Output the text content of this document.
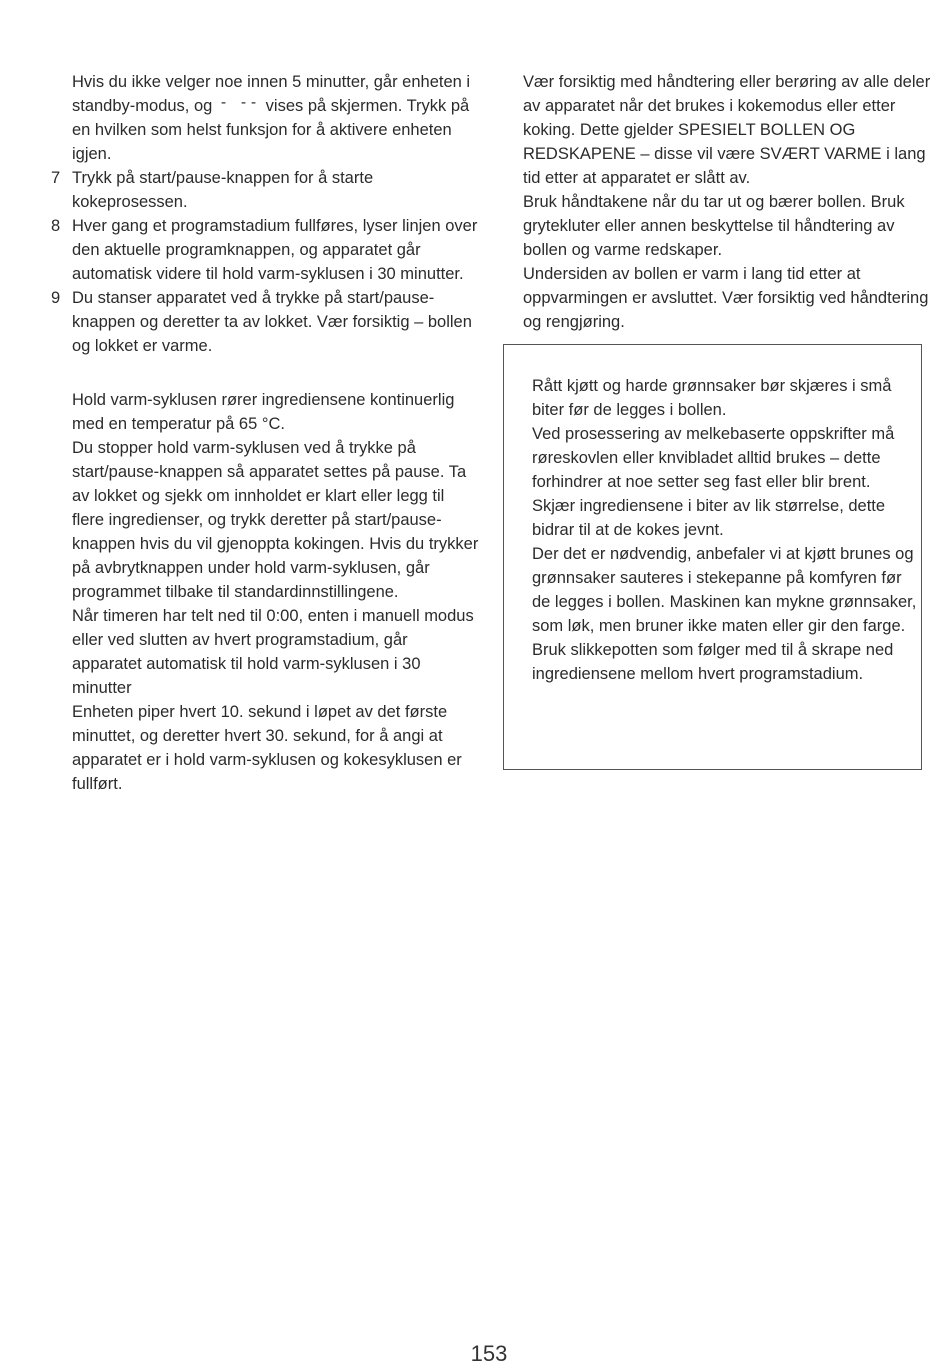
Hvis du ikke velger noe innen 5 minutter, går enheten i standby-modus, og - -- vises på skjermen. Trykk på en hvilken som helst funksjon for å aktivere enheten igjen.

7 Trykk på start/pause-knappen for å starte kokeprosessen.
8 Hver gang et programstadium fullføres, lyser linjen over den aktuelle programknappen, og apparatet går automatisk videre til hold varm-syklusen i 30 minutter.
9 Du stanser apparatet ved å trykke på start/pause-knappen og deretter ta av lokket. Vær forsiktig – bollen og lokket er varme.

Hold varm-syklusen rører ingrediensene kontinuerlig med en temperatur på 65 °C.

Du stopper hold varm-syklusen ved å trykke på start/pause-knappen så apparatet settes på pause. Ta av lokket og sjekk om innholdet er klart eller legg til flere ingredienser, og trykk deretter på start/pause-knappen hvis du vil gjenoppta kokingen. Hvis du trykker på avbrytknappen under hold varm-syklusen, går programmet tilbake til standardinnstillingene.

Når timeren har telt ned til 0:00, enten i manuell modus eller ved slutten av hvert programstadium, går apparatet automatisk til hold varm-syklusen i 30 minutter

Enheten piper hvert 10. sekund i løpet av det første minuttet, og deretter hvert 30. sekund, for å angi at apparatet er i hold varm-syklusen og kokesyklusen er fullført.

Vær forsiktig med håndtering eller berøring av alle deler av apparatet når det brukes i kokemodus eller etter koking. Dette gjelder SPESIELT BOLLEN OG REDSKAPENE – disse vil være SVÆRT VARME i lang tid etter at apparatet er slått av.

Bruk håndtakene når du tar ut og bærer bollen. Bruk grytekluter eller annen beskyttelse til håndtering av bollen og varme redskaper.

Undersiden av bollen er varm i lang tid etter at oppvarmingen er avsluttet. Vær forsiktig ved håndtering og rengjøring.

Rått kjøtt og harde grønnsaker bør skjæres i små biter før de legges i bollen.

Ved prosessering av melkebaserte oppskrifter må røreskovlen eller knvibladet alltid brukes – dette forhindrer at noe setter seg fast eller blir brent.

Skjær ingrediensene i biter av lik størrelse, dette bidrar til at de kokes jevnt.

Der det er nødvendig, anbefaler vi at kjøtt brunes og grønnsaker sauteres i stekepanne på komfyren før de legges i bollen. Maskinen kan mykne grønnsaker, som løk, men bruner ikke maten eller gir den farge.

Bruk slikkepotten som følger med til å skrape ned ingrediensene mellom hvert programstadium.

153
